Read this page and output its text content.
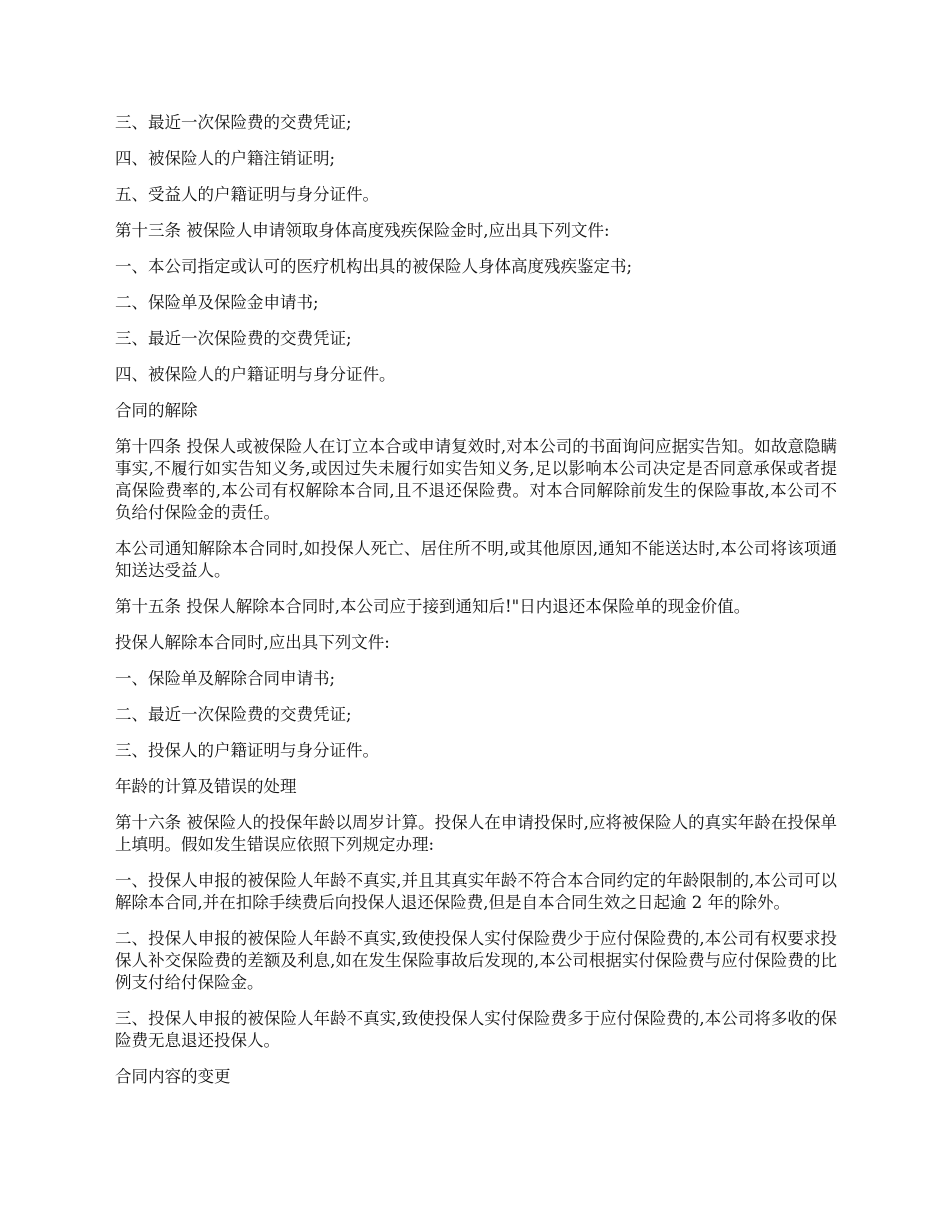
三、最近一次保险费的交费凭证;

四、被保险人的户籍注销证明;

五、受益人的户籍证明与身分证件。

第十三条 被保险人申请领取身体高度残疾保险金时,应出具下列文件:

一、本公司指定或认可的医疗机构出具的被保险人身体高度残疾鉴定书;

二、保险单及保险金申请书;

三、最近一次保险费的交费凭证;

四、被保险人的户籍证明与身分证件。

合同的解除

第十四条 投保人或被保险人在订立本合或申请复效时,对本公司的书面询问应据实告知。如故意隐瞒事实,不履行如实告知义务,或因过失未履行如实告知义务,足以影响本公司决定是否同意承保或者提高保险费率的,本公司有权解除本合同,且不退还保险费。对本合同解除前发生的保险事故,本公司不负给付保险金的责任。

本公司通知解除本合同时,如投保人死亡、居住所不明,或其他原因,通知不能送达时,本公司将该项通知送达受益人。

第十五条 投保人解除本合同时,本公司应于接到通知后!"日内退还本保险单的现金价值。

投保人解除本合同时,应出具下列文件:

一、保险单及解除合同申请书;

二、最近一次保险费的交费凭证;

三、投保人的户籍证明与身分证件。

年龄的计算及错误的处理

第十六条 被保险人的投保年龄以周岁计算。投保人在申请投保时,应将被保险人的真实年龄在投保单上填明。假如发生错误应依照下列规定办理:

一、投保人申报的被保险人年龄不真实,并且其真实年龄不符合本合同约定的年龄限制的,本公司可以解除本合同,并在扣除手续费后向投保人退还保险费,但是自本合同生效之日起逾 2 年的除外。

二、投保人申报的被保险人年龄不真实,致使投保人实付保险费少于应付保险费的,本公司有权要求投保人补交保险费的差额及利息,如在发生保险事故后发现的,本公司根据实付保险费与应付保险费的比例支付给付保险金。

三、投保人申报的被保险人年龄不真实,致使投保人实付保险费多于应付保险费的,本公司将多收的保险费无息退还投保人。

合同内容的变更
